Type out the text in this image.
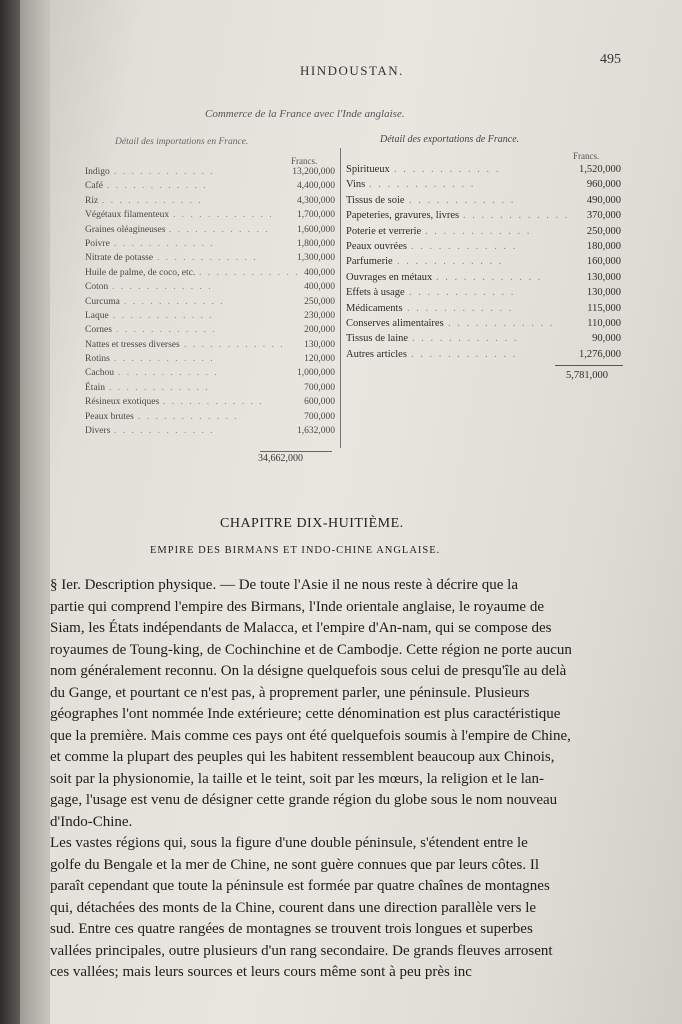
HINDOUSTAN.
495
Commerce de la France avec l'Inde anglaise.
Détail des importations en France.	Détail des exportations de France.
Francs.	Francs.
Indigo . . . . . . . . . . . .	13,200,000
Café . . . . . . . . . . . .	4,400,000
Riz . . . . . . . . . . . .	4,300,000
Végétaux filamenteux . . . . . . . . . . . .	1,700,000
Graines oléagineuses . . . . . . . . . . . .	1,600,000
Poivre . . . . . . . . . . . .	1,800,000
Nitrate de potasse . . . . . . . . . . . .	1,300,000
Huile de palme, de coco, etc. . . . . . . . . . . . . 400,000
Coton . . . . . . . . . . . .	400,000
Curcuma . . . . . . . . . . . .	250,000
Laque . . . . . . . . . . . .	230,000
Cornes . . . . . . . . . . . .	200,000
Nattes et tresses diverses . . . . . . . . . . . .	130,000
Rotins . . . . . . . . . . . .	120,000
Cachou . . . . . . . . . . . .	1,000,000
Étain . . . . . . . . . . . .	700,000
Résineux exotiques . . . . . . . . . . . .	600,000
Peaux brutes . . . . . . . . . . . .	700,000
Divers . . . . . . . . . . . .	1,632,000
34,662,000
Spiritueux . . . . . . . . . . . .	1,520,000
Vins . . . . . . . . . . . .	960,000
Tissus de soie . . . . . . . . . . . .	490,000
Papeteries, gravures, livres . . . . . . . . . . . .	370,000
Poterie et verrerie . . . . . . . . . . . .	250,000
Peaux ouvrées . . . . . . . . . . . .	180,000
Parfumerie . . . . . . . . . . . .	160,000
Ouvrages en métaux . . . . . . . . . . . .	130,000
Effets à usage . . . . . . . . . . . .	130,000
Médicaments . . . . . . . . . . . .	115,000
Conserves alimentaires . . . . . . . . . . . .	110,000
Tissus de laine . . . . . . . . . . . .	90,000
Autres articles . . . . . . . . . . . .	1,276,000
5,781,000
CHAPITRE DIX-HUITIÈME.
EMPIRE DES BIRMANS ET INDO-CHINE ANGLAISE.
§ Ier. Description physique. — De toute l'Asie il ne nous reste à décrire que la
partie qui comprend l'empire des Birmans, l'Inde orientale anglaise, le royaume de
Siam, les États indépendants de Malacca, et l'empire d'An-nam, qui se compose des
royaumes de Toung-king, de Cochinchine et de Cambodje. Cette région ne porte aucun
nom généralement reconnu. On la désigne quelquefois sous celui de presqu'île au delà
du Gange, et pourtant ce n'est pas, à proprement parler, une péninsule. Plusieurs
géographes l'ont nommée Inde extérieure; cette dénomination est plus caractéristique
que la première. Mais comme ces pays ont été quelquefois soumis à l'empire de Chine,
et comme la plupart des peuples qui les habitent ressemblent beaucoup aux Chinois,
soit par la physionomie, la taille et le teint, soit par les mœurs, la religion et le lan-
gage, l'usage est venu de désigner cette grande région du globe sous le nom nouveau
d'Indo-Chine.
Les vastes régions qui, sous la figure d'une double péninsule, s'étendent entre le
golfe du Bengale et la mer de Chine, ne sont guère connues que par leurs côtes. Il
paraît cependant que toute la péninsule est formée par quatre chaînes de montagnes
qui, détachées des monts de la Chine, courent dans une direction parallèle vers le
sud. Entre ces quatre rangées de montagnes se trouvent trois longues et superbes
vallées principales, outre plusieurs d'un rang secondaire. De grands fleuves arrosent
ces vallées; mais leurs sources et leurs cours même sont à peu près inc
